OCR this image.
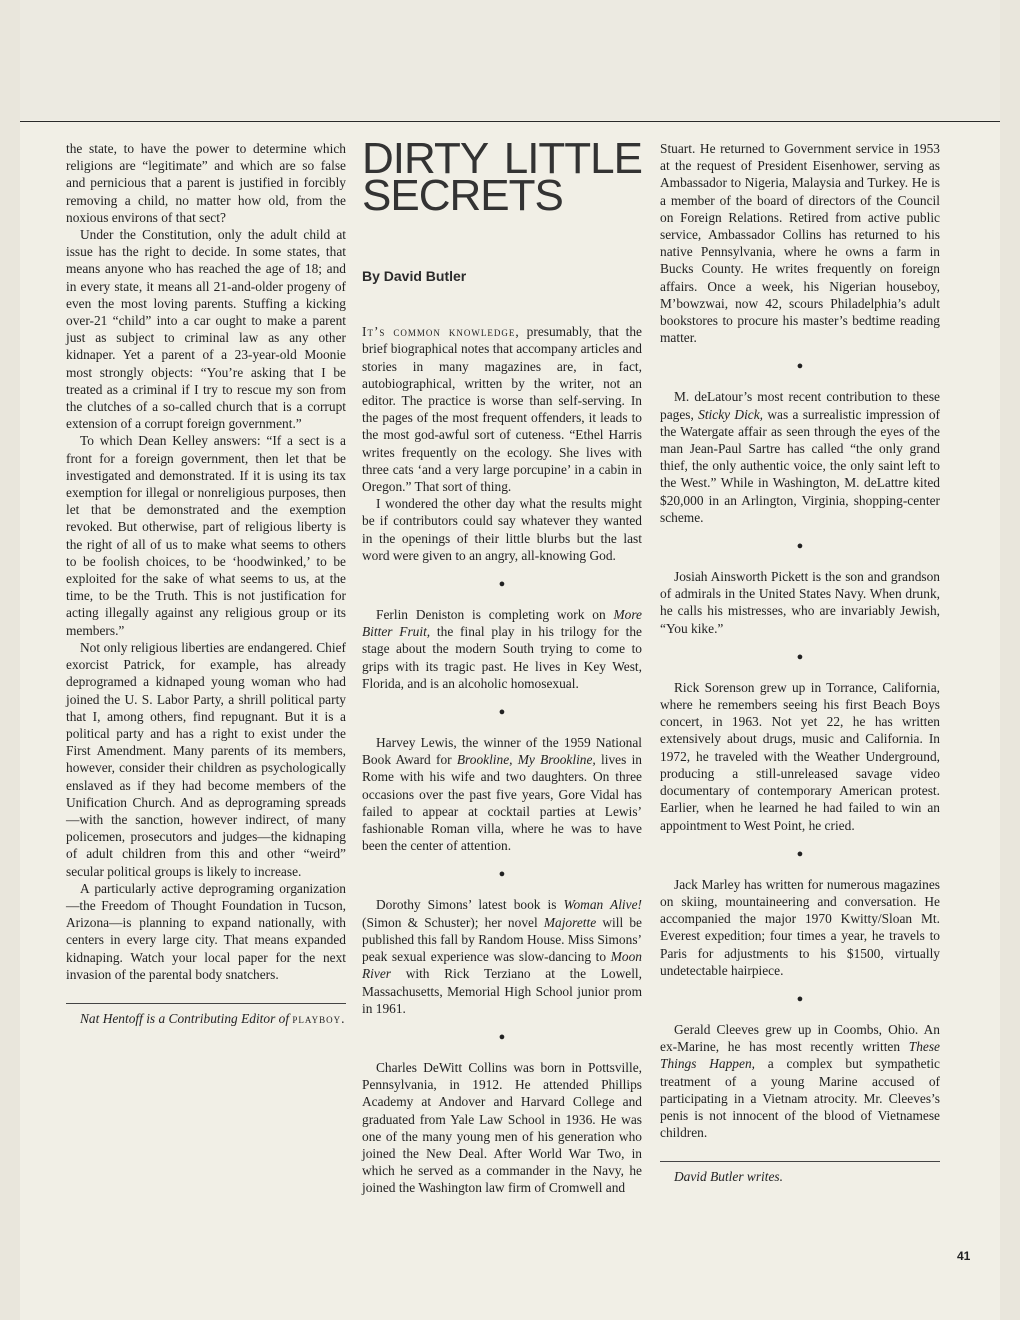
the state, to have the power to determine which religions are “legitimate” and which are so false and pernicious that a parent is justified in forcibly removing a child, no matter how old, from the noxious environs of that sect?

Under the Constitution, only the adult child at issue has the right to decide. In some states, that means anyone who has reached the age of 18; and in every state, it means all 21-and-older progeny of even the most loving parents. Stuffing a kicking over-21 “child” into a car ought to make a parent just as subject to criminal law as any other kidnaper. Yet a parent of a 23-year-old Moonie most strongly objects: “You’re asking that I be treated as a criminal if I try to rescue my son from the clutches of a so-called church that is a corrupt extension of a corrupt foreign government.”

To which Dean Kelley answers: “If a sect is a front for a foreign government, then let that be investigated and demonstrated. If it is using its tax exemption for illegal or nonreligious purposes, then let that be demonstrated and the exemption revoked. But otherwise, part of religious liberty is the right of all of us to make what seems to others to be foolish choices, to be ‘hoodwinked,’ to be exploited for the sake of what seems to us, at the time, to be the Truth. This is not justification for acting illegally against any religious group or its members.”

Not only religious liberties are endangered. Chief exorcist Patrick, for example, has already deprogramed a kidnaped young woman who had joined the U. S. Labor Party, a shrill political party that I, among others, find repugnant. But it is a political party and has a right to exist under the First Amendment. Many parents of its members, however, consider their children as psychologically enslaved as if they had become members of the Unification Church. And as deprograming spreads—with the sanction, however indirect, of many policemen, prosecutors and judges—the kidnaping of adult children from this and other “weird” secular political groups is likely to increase.

A particularly active deprograming organization—the Freedom of Thought Foundation in Tucson, Arizona—is planning to expand nationally, with centers in every large city. That means expanded kidnaping. Watch your local paper for the next invasion of the parental body snatchers.

Nat Hentoff is a Contributing Editor of playboy.

DIRTY LITTLE SECRETS
By David Butler

It’s common knowledge, presumably, that the brief biographical notes that accompany articles and stories in many magazines are, in fact, autobiographical, written by the writer, not an editor. The practice is worse than self-serving. In the pages of the most frequent offenders, it leads to the most god-awful sort of cuteness. “Ethel Harris writes frequently on the ecology. She lives with three cats ‘and a very large porcupine’ in a cabin in Oregon.” That sort of thing.

I wondered the other day what the results might be if contributors could say whatever they wanted in the openings of their little blurbs but the last word were given to an angry, all-knowing God.

●

Ferlin Deniston is completing work on More Bitter Fruit, the final play in his trilogy for the stage about the modern South trying to come to grips with its tragic past. He lives in Key West, Florida, and is an alcoholic homosexual.

●

Harvey Lewis, the winner of the 1959 National Book Award for Brookline, My Brookline, lives in Rome with his wife and two daughters. On three occasions over the past five years, Gore Vidal has failed to appear at cocktail parties at Lewis’ fashionable Roman villa, where he was to have been the center of attention.

●

Dorothy Simons’ latest book is Woman Alive! (Simon & Schuster); her novel Majorette will be published this fall by Random House. Miss Simons’ peak sexual experience was slow-dancing to Moon River with Rick Terziano at the Lowell, Massachusetts, Memorial High School junior prom in 1961.

●

Charles DeWitt Collins was born in Pottsville, Pennsylvania, in 1912. He attended Phillips Academy at Andover and Harvard College and graduated from Yale Law School in 1936. He was one of the many young men of his generation who joined the New Deal. After World War Two, in which he served as a commander in the Navy, he joined the Washington law firm of Cromwell and

Stuart. He returned to Government service in 1953 at the request of President Eisenhower, serving as Ambassador to Nigeria, Malaysia and Turkey. He is a member of the board of directors of the Council on Foreign Relations. Retired from active public service, Ambassador Collins has returned to his native Pennsylvania, where he owns a farm in Bucks County. He writes frequently on foreign affairs. Once a week, his Nigerian houseboy, M’bowzwai, now 42, scours Philadelphia’s adult bookstores to procure his master’s bedtime reading matter.

●

M. deLatour’s most recent contribution to these pages, Sticky Dick, was a surrealistic impression of the Watergate affair as seen through the eyes of the man Jean-Paul Sartre has called “the only grand thief, the only authentic voice, the only saint left to the West.” While in Washington, M. deLattre kited $20,000 in an Arlington, Virginia, shopping-center scheme.

●

Josiah Ainsworth Pickett is the son and grandson of admirals in the United States Navy. When drunk, he calls his mistresses, who are invariably Jewish, “You kike.”

●

Rick Sorenson grew up in Torrance, California, where he remembers seeing his first Beach Boys concert, in 1963. Not yet 22, he has written extensively about drugs, music and California. In 1972, he traveled with the Weather Underground, producing a still-unreleased savage video documentary of contemporary American protest. Earlier, when he learned he had failed to win an appointment to West Point, he cried.

●

Jack Marley has written for numerous magazines on skiing, mountaineering and conversation. He accompanied the major 1970 Kwitty/Sloan Mt. Everest expedition; four times a year, he travels to Paris for adjustments to his $1500, virtually undetectable hairpiece.

●

Gerald Cleeves grew up in Coombs, Ohio. An ex-Marine, he has most recently written These Things Happen, a complex but sympathetic treatment of a young Marine accused of participating in a Vietnam atrocity. Mr. Cleeves’s penis is not innocent of the blood of Vietnamese children.

David Butler writes.

41
